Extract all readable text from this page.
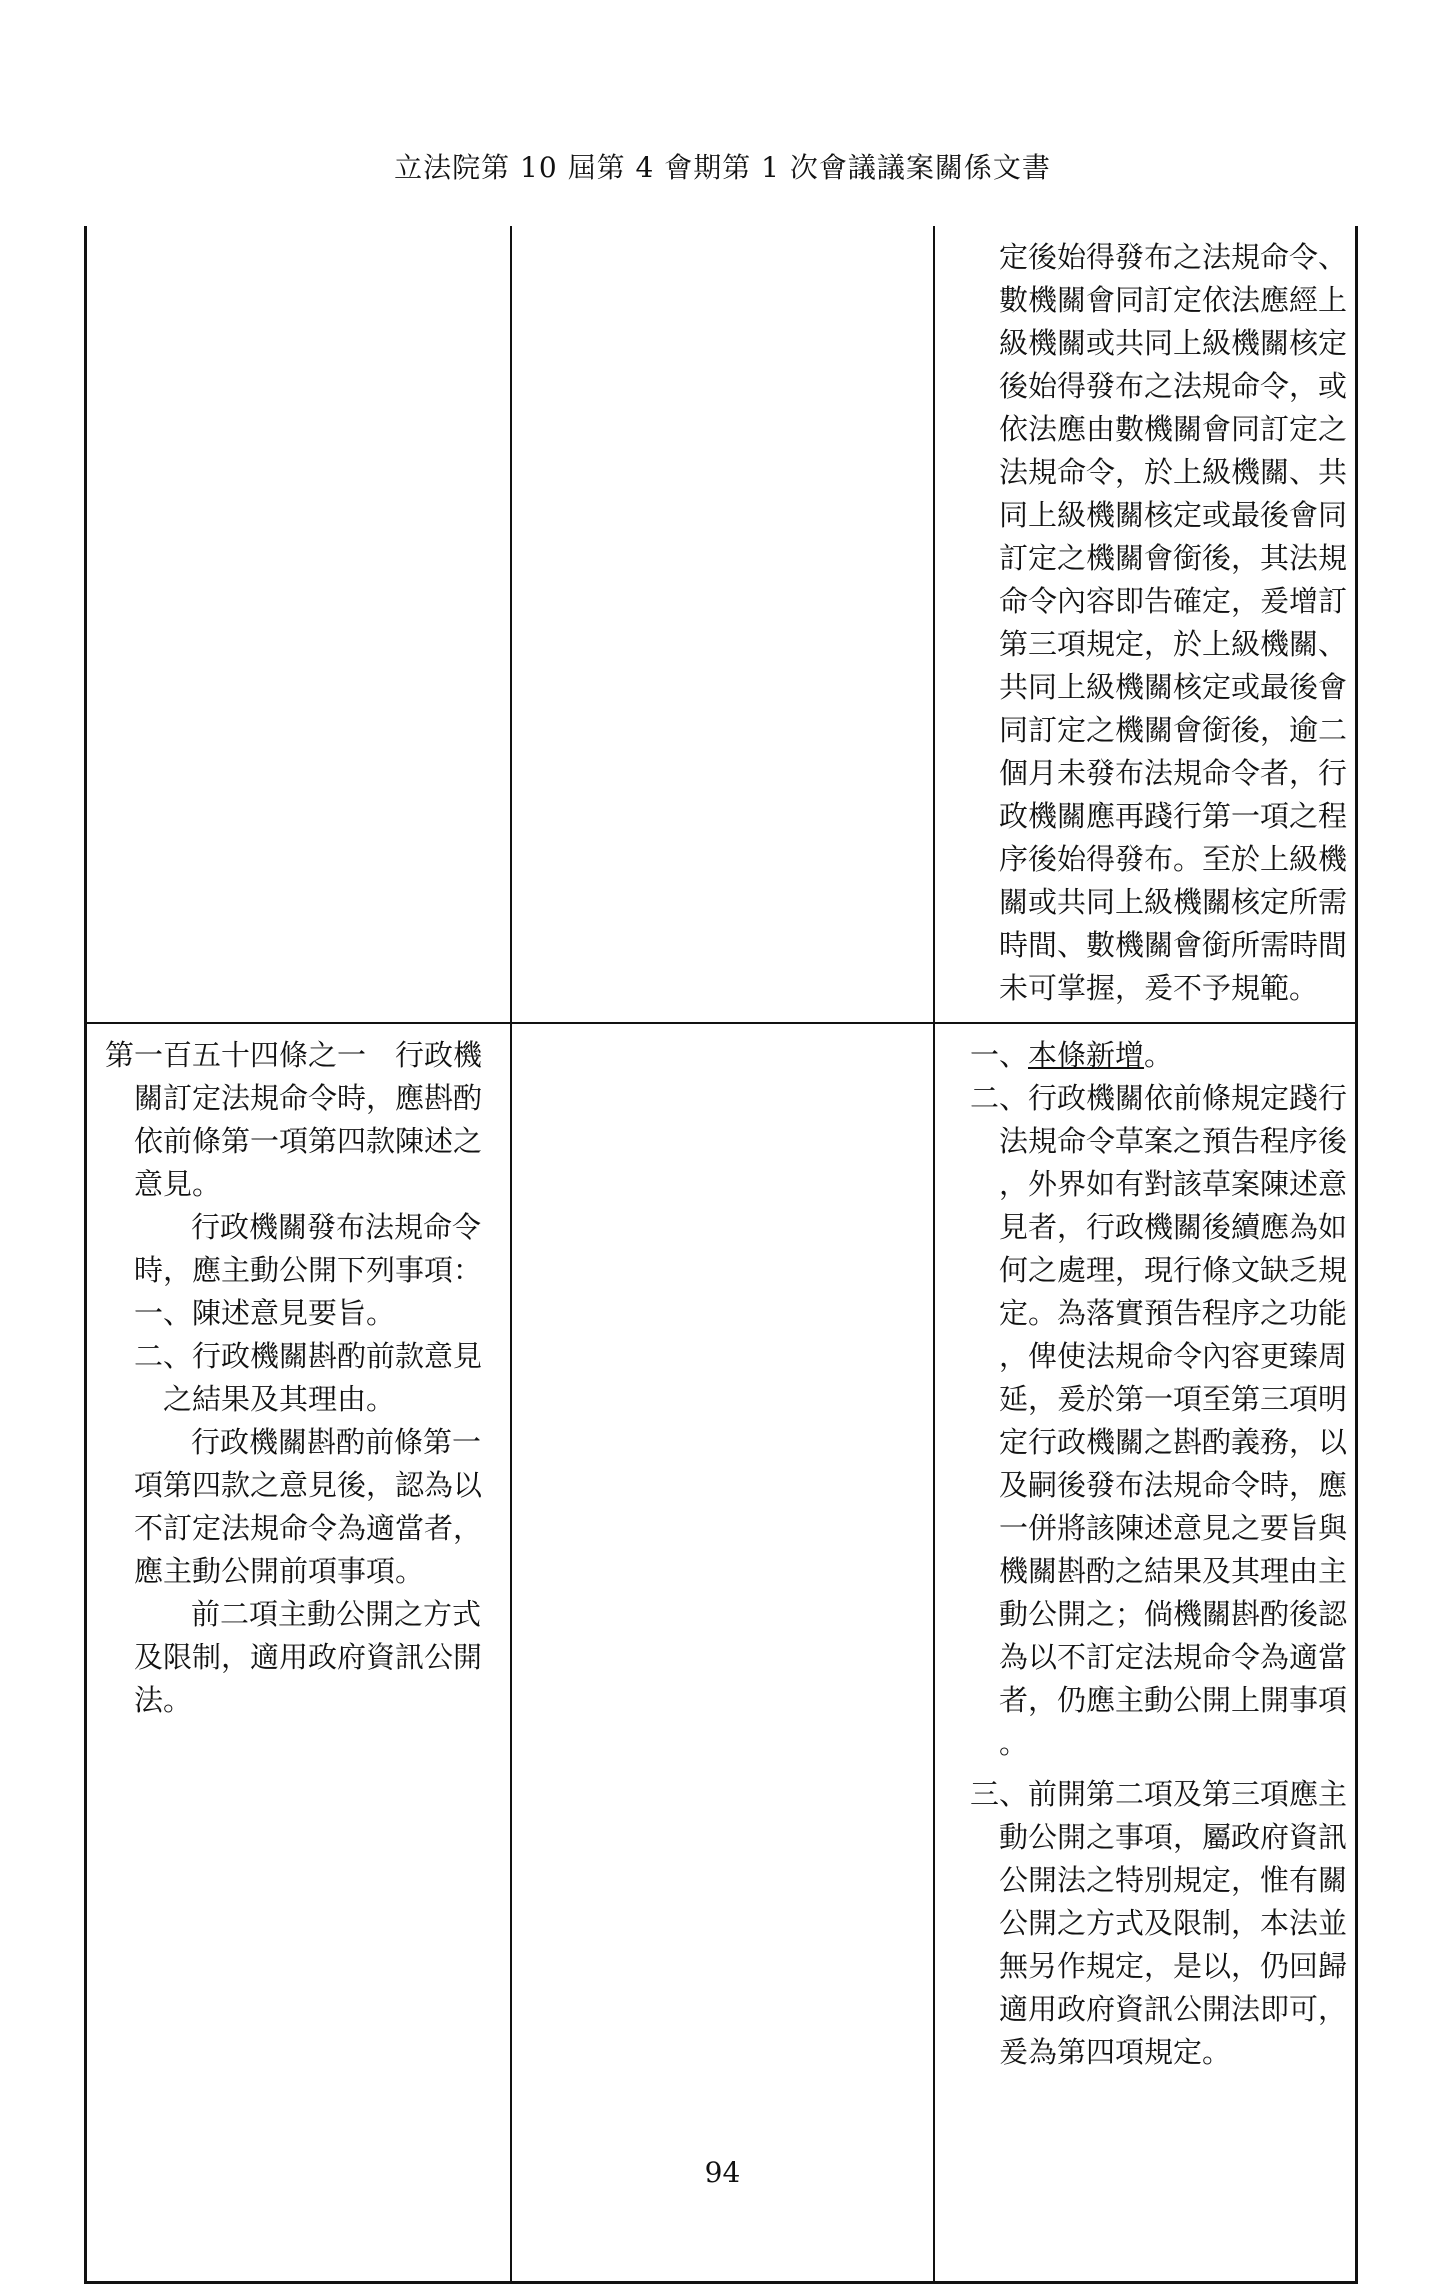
立法院第 10 屆第 4 會期第 1 次會議議案關係文書
定後始得發布之法規命令、
數機關會同訂定依法應經上
級機關或共同上級機關核定
後始得發布之法規命令，或
依法應由數機關會同訂定之
法規命令，於上級機關、共
同上級機關核定或最後會同
訂定之機關會銜後，其法規
命令內容即告確定，爰增訂
第三項規定，於上級機關、
共同上級機關核定或最後會
同訂定之機關會銜後，逾二
個月未發布法規命令者，行
政機關應再踐行第一項之程
序後始得發布。至於上級機
關或共同上級機關核定所需
時間、數機關會銜所需時間
未可掌握，爰不予規範。
第一百五十四條之一　行政機
關訂定法規命令時，應斟酌
依前條第一項第四款陳述之
意見。
行政機關發布法規命令
時，應主動公開下列事項：
一、陳述意見要旨。
二、行政機關斟酌前款意見
之結果及其理由。
行政機關斟酌前條第一
項第四款之意見後，認為以
不訂定法規命令為適當者，
應主動公開前項事項。
前二項主動公開之方式
及限制，適用政府資訊公開
法。
一、本條新增。
二、行政機關依前條規定踐行
法規命令草案之預告程序後
，外界如有對該草案陳述意
見者，行政機關後續應為如
何之處理，現行條文缺乏規
定。為落實預告程序之功能
，俾使法規命令內容更臻周
延，爰於第一項至第三項明
定行政機關之斟酌義務，以
及嗣後發布法規命令時，應
一併將該陳述意見之要旨與
機關斟酌之結果及其理由主
動公開之；倘機關斟酌後認
為以不訂定法規命令為適當
者，仍應主動公開上開事項
。
三、前開第二項及第三項應主
動公開之事項，屬政府資訊
公開法之特別規定，惟有關
公開之方式及限制，本法並
無另作規定，是以，仍回歸
適用政府資訊公開法即可，
爰為第四項規定。
94
